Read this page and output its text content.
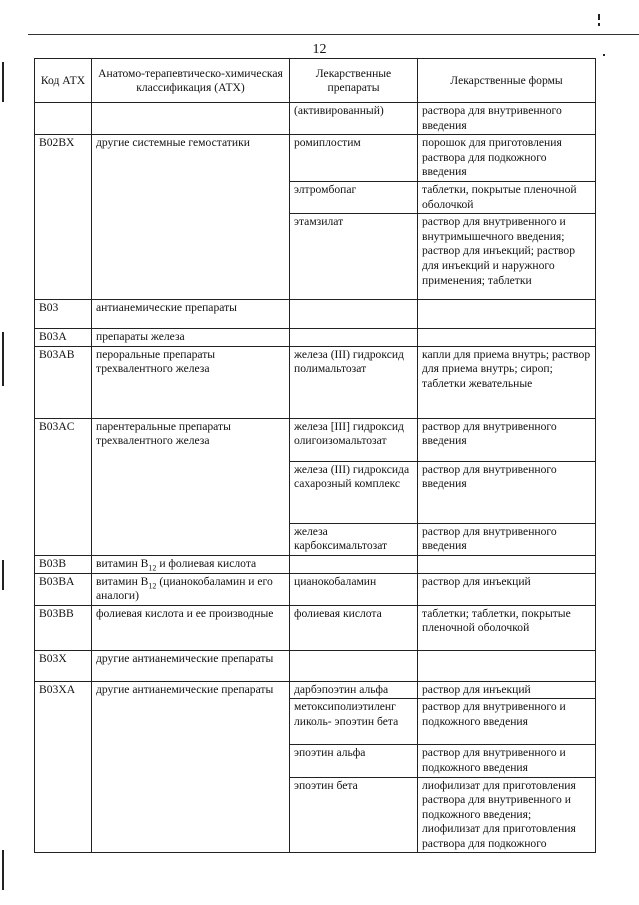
12
Код АТХ	Анатомо-терапевтическо-химическая классификация (АТХ)	Лекарственные препараты	Лекарственные формы
		(активированный)	раствора для внутривенного введения
B02BX	другие системные гемостатики	ромиплостим	порошок для приготовления раствора для подкожного введения
		элтромбопаг	таблетки, покрытые пленочной оболочкой
		этамзилат	раствор для внутривенного и внутримышечного введения; раствор для инъекций; раствор для инъекций и наружного применения; таблетки
B03	антианемические препараты		
B03A	препараты железа		
B03AB	пероральные препараты трехвалентного железа	железа (III) гидроксид полимальтозат	капли для приема внутрь; раствор для приема внутрь; сироп; таблетки жевательные
B03AC	парентеральные препараты трехвалентного железа	железа [III] гидроксид олигоизомальтозат	раствор для внутривенного введения
		железа (III) гидроксида сахарозный комплекс	раствор для внутривенного введения
		железа карбоксимальтозат	раствор для внутривенного введения
B03B	витамин $B_{12}$ и фолиевая кислота		
B03BA	витамин $B_{12}$ (цианокобаламин и его аналоги)	цианокобаламин	раствор для инъекций
B03BB	фолиевая кислота и ее производные	фолиевая кислота	таблетки; таблетки, покрытые пленочной оболочкой
B03X	другие антианемические препараты		
B03XA	другие антианемические препараты	дарбэпоэтин альфа	раствор для инъекций
		метоксиполиэтиленг ликоль- эпоэтин бета	раствор для внутривенного и подкожного введения
		эпоэтин альфа	раствор для внутривенного и подкожного введения
		эпоэтин бета	лиофилизат для приготовления раствора для внутривенного и подкожного введения; лиофилизат для приготовления раствора для подкожного
